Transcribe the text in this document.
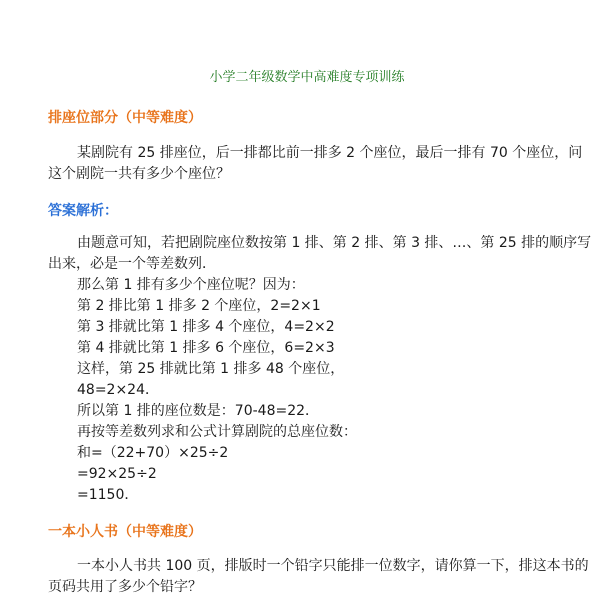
小学二年级数学中高难度专项训练
排座位部分（中等难度）
某剧院有 25 排座位，后一排都比前一排多 2 个座位，最后一排有 70 个座位，问这个剧院一共有多少个座位？
答案解析：
由题意可知，若把剧院座位数按第 1 排、第 2 排、第 3 排、…、第 25 排的顺序写出来，必是一个等差数列．
那么第 1 排有多少个座位呢？因为：
第 2 排比第 1 排多 2 个座位，2=2×1
第 3 排就比第 1 排多 4 个座位，4=2×2
第 4 排就比第 1 排多 6 个座位，6=2×3
这样，第 25 排就比第 1 排多 48 个座位，
48=2×24．
所以第 1 排的座位数是：70-48=22．
再按等差数列求和公式计算剧院的总座位数：
和=（22+70）×25÷2
=92×25÷2
=1150．
一本小人书（中等难度）
一本小人书共 100 页，排版时一个铅字只能排一位数字，请你算一下，排这本书的页码共用了多少个铅字？
